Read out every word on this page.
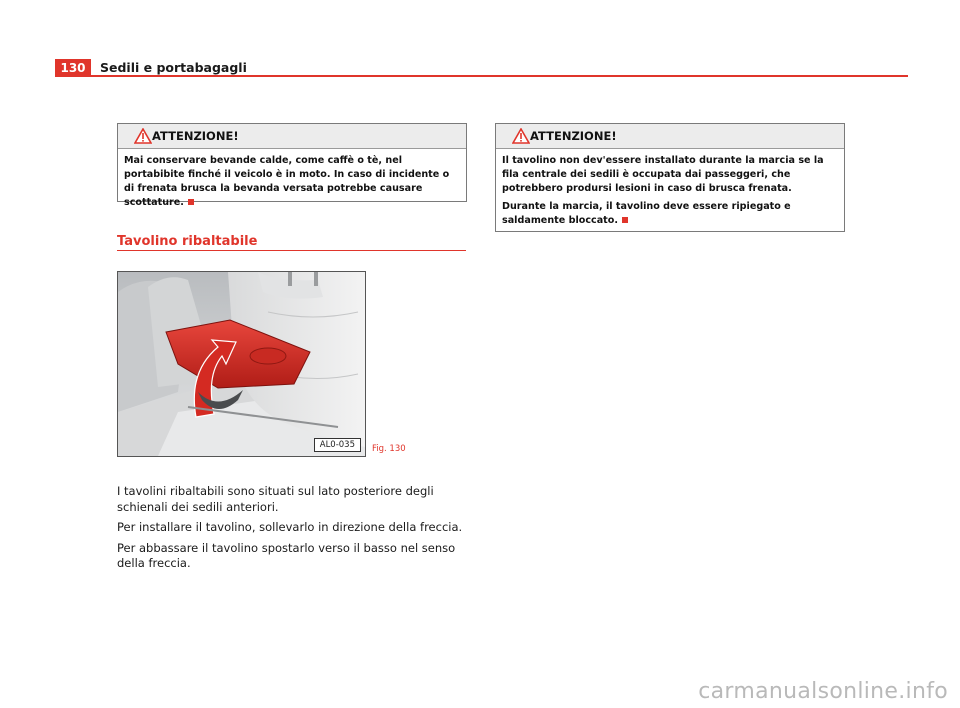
130	Sedili e portabagagli
ATTENZIONE!

Mai conservare bevande calde, come caffè o tè, nel portabibite finché il veicolo è in moto. In caso di incidente o di frenata brusca la bevanda versata potrebbe causare scottature.

ATTENZIONE!

Il tavolino non dev'essere installato durante la marcia se la fila centrale dei sedili è occupata dai passeggeri, che potrebbero prodursi lesioni in caso di brusca frenata.

Durante la marcia, il tavolino deve essere ripiegato e saldamente bloccato.

Tavolino ribaltabile
AL0-035	Fig. 130

I tavolini ribaltabili sono situati sul lato posteriore degli schienali dei sedili anteriori.

Per installare il tavolino, sollevarlo in direzione della freccia.

Per abbassare il tavolino spostarlo verso il basso nel senso della freccia.

carmanualsonline.info
